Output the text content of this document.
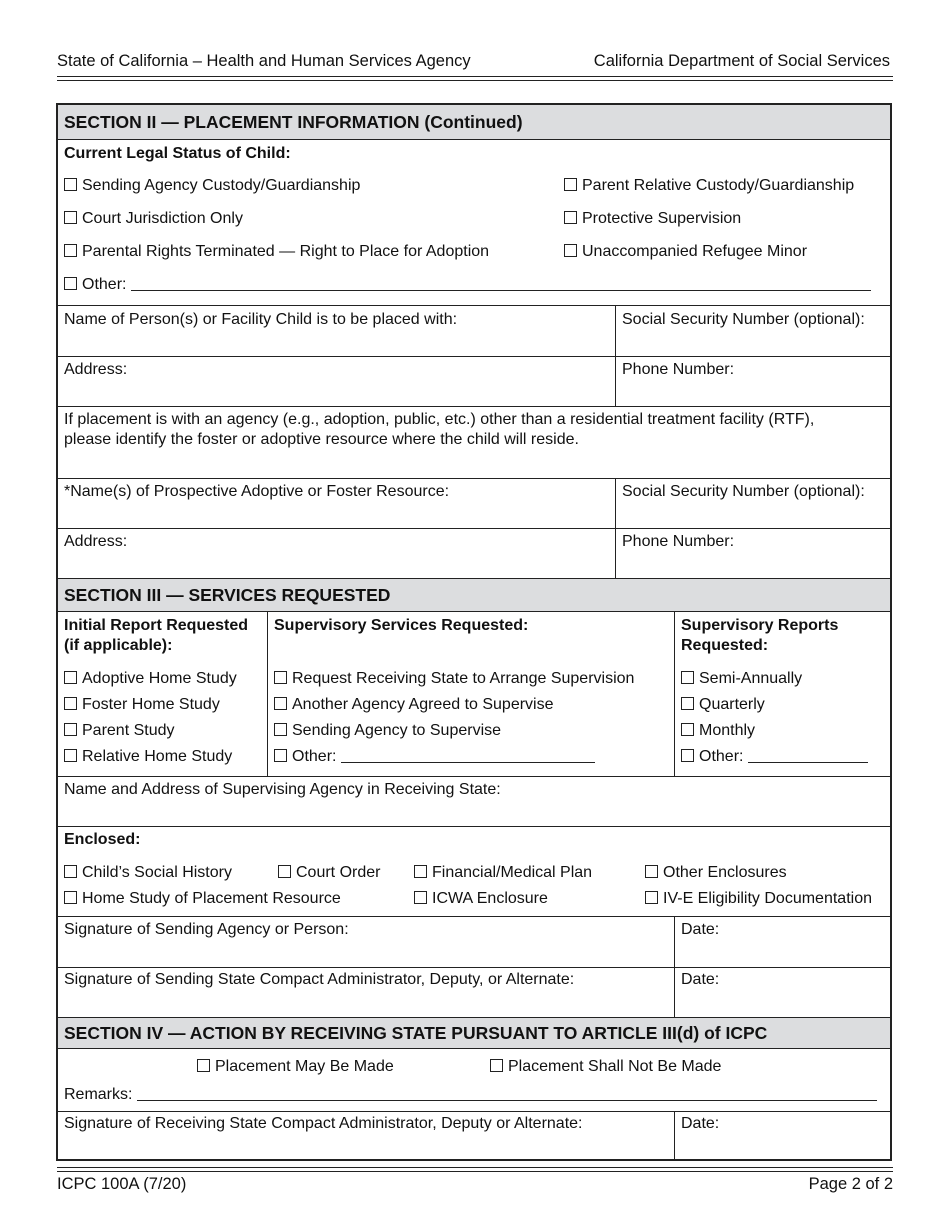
State of California – Health and Human Services Agency	California Department of Social Services
SECTION II — PLACEMENT INFORMATION (Continued)
Current Legal Status of Child:
Sending Agency Custody/Guardianship
Court Jurisdiction Only
Parental Rights Terminated — Right to Place for Adoption
Parent Relative Custody/Guardianship
Protective Supervision
Unaccompanied Refugee Minor
Other:
Name of Person(s) or Facility Child is to be placed with:	Social Security Number (optional):
Address:	Phone Number:
If placement is with an agency (e.g., adoption, public, etc.) other than a residential treatment facility (RTF),
please identify the foster or adoptive resource where the child will reside.
*Name(s) of Prospective Adoptive or Foster Resource:	Social Security Number (optional):
Address:	Phone Number:
SECTION III — SERVICES REQUESTED
Initial Report Requested
(if applicable):
Adoptive Home Study
Foster Home Study
Parent Study
Relative Home Study
Supervisory Services Requested:
Request Receiving State to Arrange Supervision
Another Agency Agreed to Supervise
Sending Agency to Supervise
Other:
Supervisory Reports
Requested:
Semi-Annually
Quarterly
Monthly
Other:
Name and Address of Supervising Agency in Receiving State:
Enclosed:
Child’s Social History	Court Order	Financial/Medical Plan	Other Enclosures
Home Study of Placement Resource	ICWA Enclosure	IV-E Eligibility Documentation
Signature of Sending Agency or Person:	Date:
Signature of Sending State Compact Administrator, Deputy, or Alternate:	Date:
SECTION IV — ACTION BY RECEIVING STATE PURSUANT TO ARTICLE III(d) of ICPC
Placement May Be Made	Placement Shall Not Be Made
Remarks:
Signature of Receiving State Compact Administrator, Deputy or Alternate:	Date:
ICPC 100A (7/20)	Page 2 of 2
